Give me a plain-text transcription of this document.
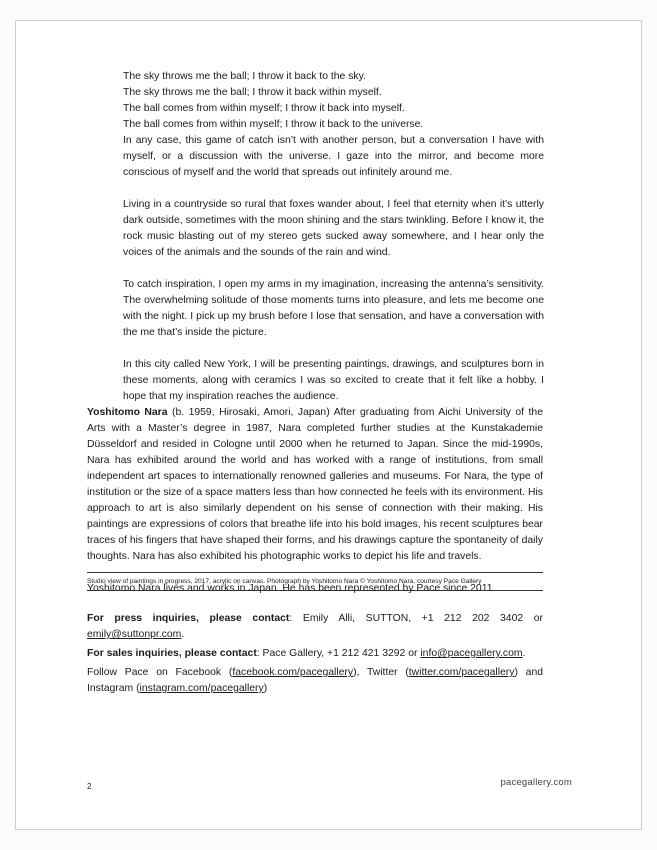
The sky throws me the ball; I throw it back to the sky.
The sky throws me the ball; I throw it back within myself.
The ball comes from within myself; I throw it back into myself.
The ball comes from within myself; I throw it back to the universe.

In any case, this game of catch isn’t with another person, but a conversation I have with myself, or a discussion with the universe. I gaze into the mirror, and become more conscious of myself and the world that spreads out infinitely around me.

Living in a countryside so rural that foxes wander about, I feel that eternity when it’s utterly dark outside, sometimes with the moon shining and the stars twinkling. Before I know it, the rock music blasting out of my stereo gets sucked away somewhere, and I hear only the voices of the animals and the sounds of the rain and wind.

To catch inspiration, I open my arms in my imagination, increasing the antenna’s sensitivity. The overwhelming solitude of those moments turns into pleasure, and lets me become one with the night. I pick up my brush before I lose that sensation, and have a conversation with the me that’s inside the picture.

In this city called New York, I will be presenting paintings, drawings, and sculptures born in these moments, along with ceramics I was so excited to create that it felt like a hobby. I hope that my inspiration reaches the audience.

Yoshitomo Nara (b. 1959, Hirosaki, Amori, Japan) After graduating from Aichi University of the Arts with a Master’s degree in 1987, Nara completed further studies at the Kunstakademie Düsseldorf and resided in Cologne until 2000 when he returned to Japan. Since the mid-1990s, Nara has exhibited around the world and has worked with a range of institutions, from small independent art spaces to internationally renowned galleries and museums. For Nara, the type of institution or the size of a space matters less than how connected he feels with its environment. His approach to art is also similarly dependent on his sense of connection with their making. His paintings are expressions of colors that breathe life into his bold images, his recent sculptures bear traces of his fingers that have shaped their forms, and his drawings capture the spontaneity of daily thoughts. Nara has also exhibited his photographic works to depict his life and travels.

Yoshitomo Nara lives and works in Japan. He has been represented by Pace since 2011.

Studio view of paintings in progress, 2017, acrylic on canvas. Photograph by Yoshitomo Nara © Yoshitomo Nara, courtesy Pace Gallery
For press inquiries, please contact: Emily Alli, SUTTON, +1 212 202 3402 or emily@suttonpr.com.
For sales inquiries, please contact: Pace Gallery, +1 212 421 3292 or info@pacegallery.com.
Follow Pace on Facebook (facebook.com/pacegallery), Twitter (twitter.com/pacegallery) and Instagram (instagram.com/pacegallery)
2	pacegallery.com
